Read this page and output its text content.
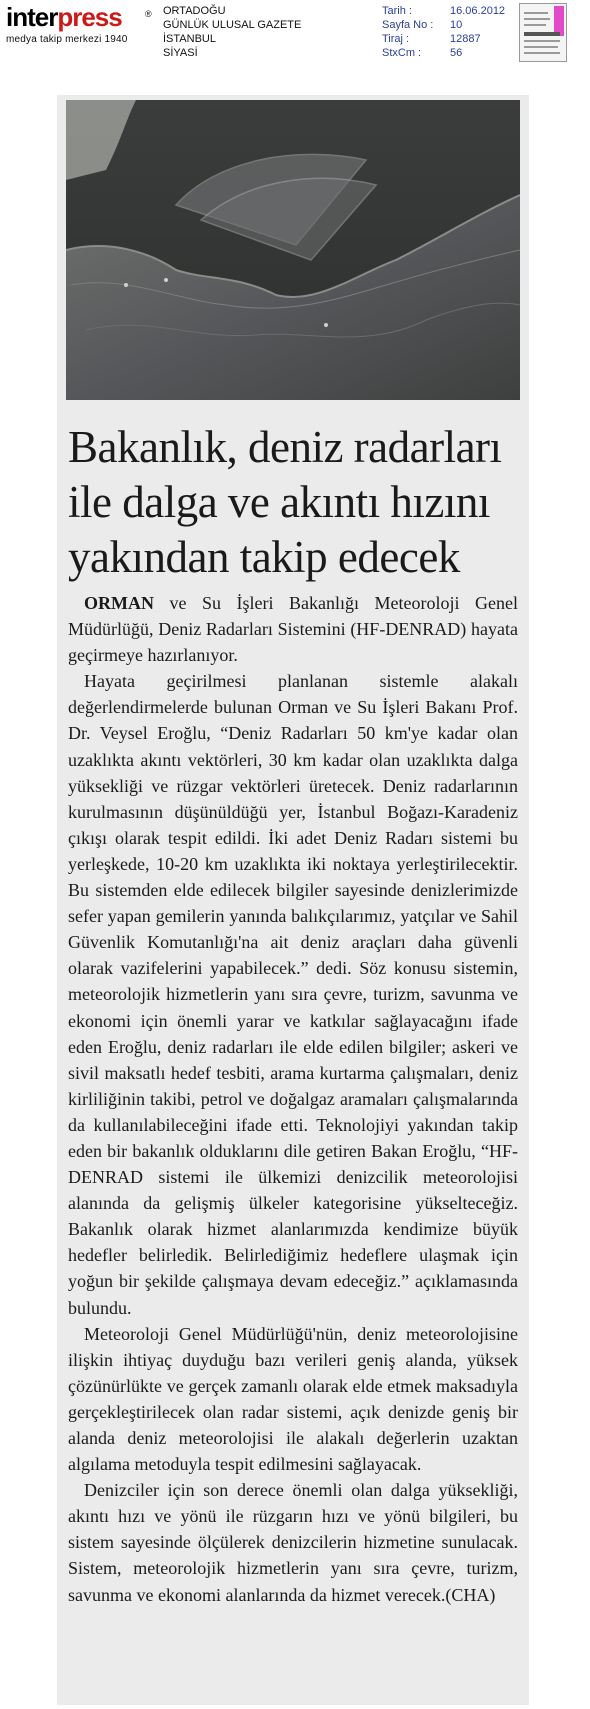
interpress	®
medya takip merkezi 1940
ORTADOĞU
GÜNLÜK ULUSAL GAZETE
İSTANBUL
SİYASİ
Tarih :	16.06.2012
Sayfa No :	10
Tiraj :	12887
StxCm :	56
Bakanlık, deniz radarları ile dalga ve akıntı hızını yakından takip edecek

ORMAN ve Su İşleri Bakanlığı Meteoroloji Genel Müdürlüğü, Deniz Radarları Sistemini (HF-DENRAD) hayata geçirmeye hazırlanıyor.

Hayata geçirilmesi planlanan sistemle alakalı değerlendirmelerde bulunan Orman ve Su İşleri Bakanı Prof. Dr. Veysel Eroğlu, “Deniz Radarları 50 km'ye kadar olan uzaklıkta akıntı vektörleri, 30 km kadar olan uzaklıkta dalga yüksekliği ve rüzgar vektörleri üretecek. Deniz radarlarının kurulmasının düşünüldüğü yer, İstanbul Boğazı-Karadeniz çıkışı olarak tespit edildi. İki adet Deniz Radarı sistemi bu yerleşkede, 10-20 km uzaklıkta iki noktaya yerleştirilecektir. Bu sistemden elde edilecek bilgiler sayesinde denizlerimizde sefer yapan gemilerin yanında balıkçılarımız, yatçılar ve Sahil Güvenlik Komutanlığı'na ait deniz araçları daha güvenli olarak vazifelerini yapabilecek.” dedi. Söz konusu sistemin, meteorolojik hizmetlerin yanı sıra çevre, turizm, savunma ve ekonomi için önemli yarar ve katkılar sağlayacağını ifade eden Eroğlu, deniz radarları ile elde edilen bilgiler; askeri ve sivil maksatlı hedef tesbiti, arama kurtarma çalışmaları, deniz kirliliğinin takibi, petrol ve doğalgaz aramaları çalışmalarında da kullanılabileceğini ifade etti. Teknolojiyi yakından takip eden bir bakanlık olduklarını dile getiren Bakan Eroğlu, “HF-DENRAD sistemi ile ülkemizi denizcilik meteorolojisi alanında da gelişmiş ülkeler kategorisine yükselteceğiz. Bakanlık olarak hizmet alanlarımızda kendimize büyük hedefler belirledik. Belirlediğimiz hedeflere ulaşmak için yoğun bir şekilde çalışmaya devam edeceğiz.” açıklamasında bulundu.

Meteoroloji Genel Müdürlüğü'nün, deniz meteorolojisine ilişkin ihtiyaç duyduğu bazı verileri geniş alanda, yüksek çözünürlükte ve gerçek zamanlı olarak elde etmek maksadıyla gerçekleştirilecek olan radar sistemi, açık denizde geniş bir alanda deniz meteorolojisi ile alakalı değerlerin uzaktan algılama metoduyla tespit edilmesini sağlayacak.

Denizciler için son derece önemli olan dalga yüksekliği, akıntı hızı ve yönü ile rüzgarın hızı ve yönü bilgileri, bu sistem sayesinde ölçülerek denizcilerin hizmetine sunulacak. Sistem, meteorolojik hizmetlerin yanı sıra çevre, turizm, savunma ve ekonomi alanlarında da hizmet verecek.(CHA)
